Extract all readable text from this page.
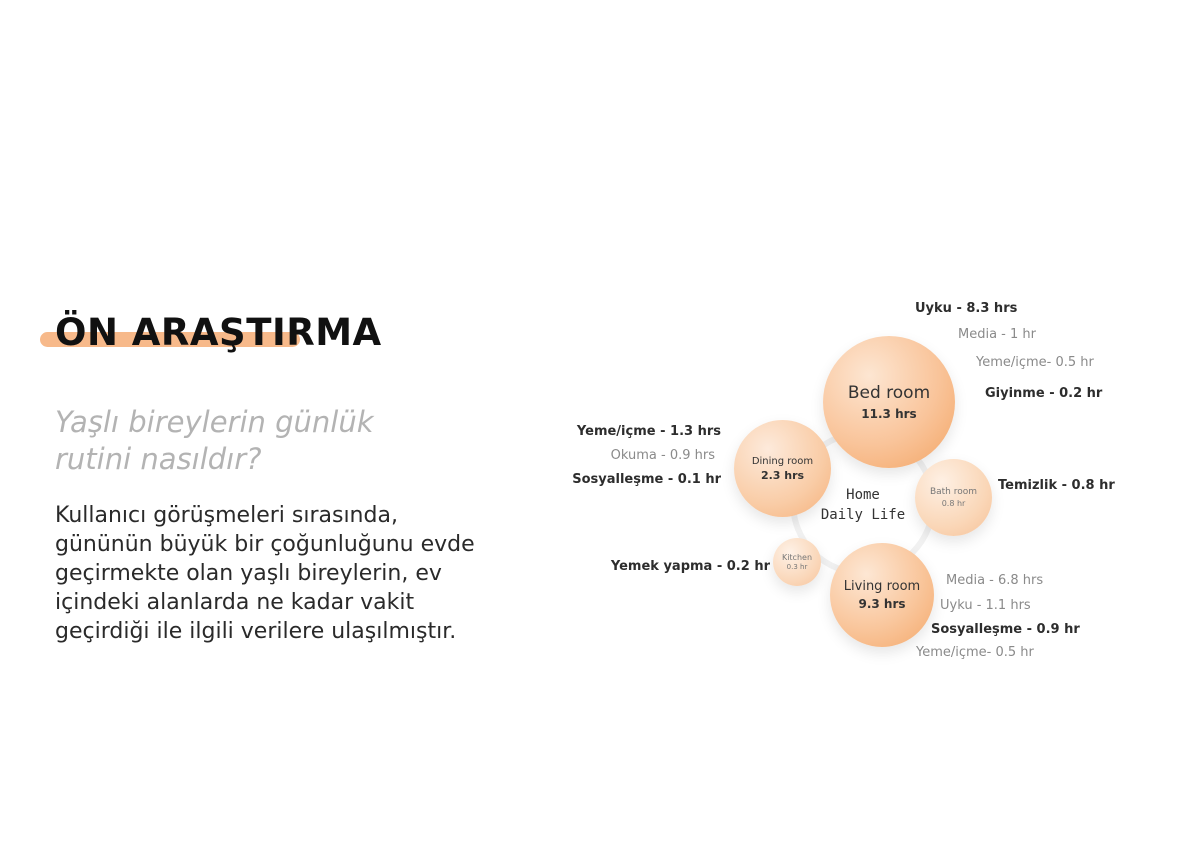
ÖN ARAŞTIRMA
Yaşlı bireylerin günlük
rutini nasıldır?
Kullanıcı görüşmeleri sırasında,
gününün büyük bir çoğunluğunu evde
geçirmekte olan yaşlı bireylerin, ev
içindeki alanlarda ne kadar vakit
geçirdiği ile ilgili verilere ulaşılmıştır.
Home
Daily Life
Bed room
11.3 hrs
Dining room
2.3 hrs
Bath room
0.8 hr
Living room
9.3 hrs
Kitchen
0.3 hr
Uyku - 8.3 hrs
Media - 1 hr
Yeme/içme- 0.5 hr
Giyinme - 0.2 hr
Yeme/içme - 1.3 hrs
Okuma - 0.9 hrs
Sosyalleşme - 0.1 hr	Temizlik - 0.8 hr
Yemek yapma - 0.2 hr
Media - 6.8 hrs
Uyku - 1.1 hrs
Sosyalleşme - 0.9 hr
Yeme/içme- 0.5 hr
